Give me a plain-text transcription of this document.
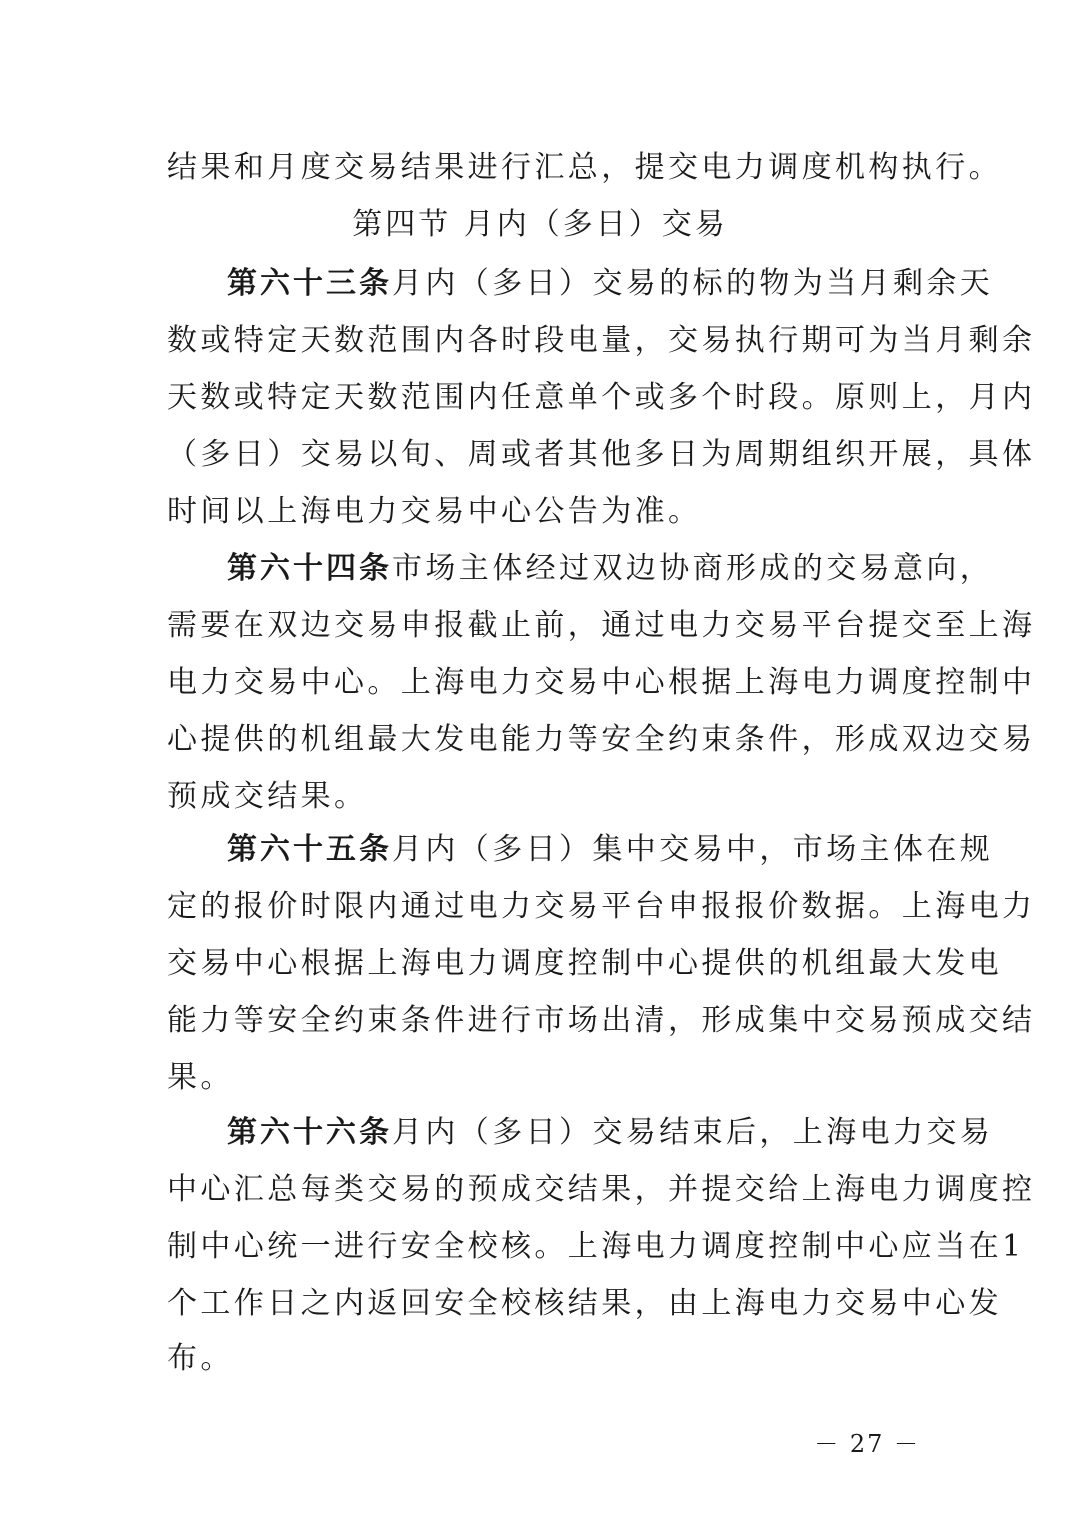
结果和月度交易结果进行汇总，提交电力调度机构执行。
第四节 月内（多日）交易
第六十三条月内（多日）交易的标的物为当月剩余天
数或特定天数范围内各时段电量，交易执行期可为当月剩余
天数或特定天数范围内任意单个或多个时段。原则上，月内
（多日）交易以旬、周或者其他多日为周期组织开展，具体
时间以上海电力交易中心公告为准。
第六十四条市场主体经过双边协商形成的交易意向，
需要在双边交易申报截止前，通过电力交易平台提交至上海
电力交易中心。上海电力交易中心根据上海电力调度控制中
心提供的机组最大发电能力等安全约束条件，形成双边交易
预成交结果。
第六十五条月内（多日）集中交易中，市场主体在规
定的报价时限内通过电力交易平台申报报价数据。上海电力
交易中心根据上海电力调度控制中心提供的机组最大发电
能力等安全约束条件进行市场出清，形成集中交易预成交结
果。
第六十六条月内（多日）交易结束后，上海电力交易
中心汇总每类交易的预成交结果，并提交给上海电力调度控
制中心统一进行安全校核。上海电力调度控制中心应当在1
个工作日之内返回安全校核结果，由上海电力交易中心发
布。
－ 27 －
